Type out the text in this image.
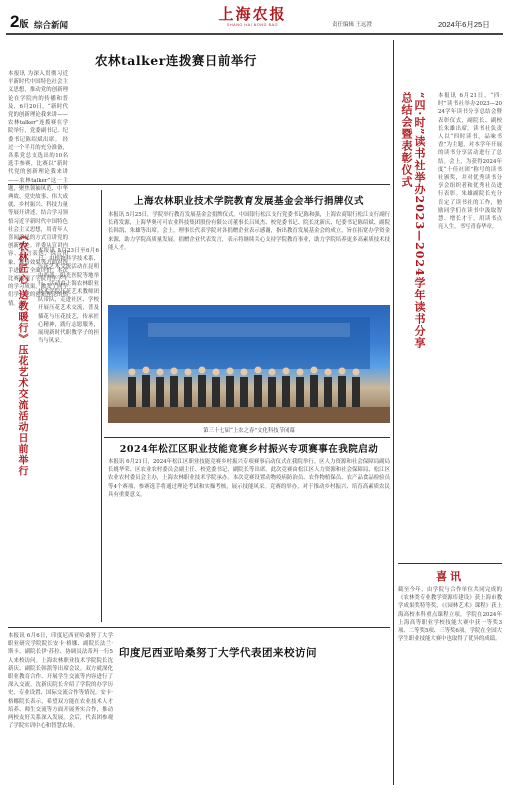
2版 综合新闻
上海农报
SHANG HAI NONG BAO	责任编辑 王远澄	2024年6月25日
农林talker连拨赛日前举行
本报讯 为深入贯彻习近平新时代中国特色社会主义思想，推动党的创新理论在学院内的传播和普及，6月20日，“新时代党的创新理论我来讲——农林talker”连拨赛在学院举行，党委副书记、纪委书记陈绍斌出席。 经过一个半月的充分准备，各系党总支选出的10名选手参赛，比赛以“新时代党的创新理论我来讲——农林talker”这一主题，聚焦领袖风范、中华典故、党史故事、伟大成就、乡村振兴、科技力量等展开讲述，结合学习领悟习近平新时代中国特色社会主义思想，用青年人喜闻乐见的方式宣讲党的创新理论。评委从宣讲内容、语言表达、综合印象、舞台效果等方面对选手进行了全面评价。本次比赛展现了学院青年学生的学习成果，激发了同学们学习党的创新理论的热情。
《农林匠心 送教暖行》压花艺术交流活动日前举行 本报讯 5月23日至6月6日，由植物科学技术系、压花艺术交流活动在昆明中西部、阳光医院等地举行。活动由上海农林职业技术学院压花艺术教师团队带队，走进社区、学校开展压花艺术交流，普及插花与压花技艺，传承匠心精神，践行志愿服务，展现新时代职教学子的担当与风采。
上海农林职业技术学院教育发展基金会举行捐牌仪式
本报讯 5月25日，学院举行教育发展基金会捐牌仪式。中国银行松江支行党委书记陈和强，上海农商银行松江支行副行长蒋发源，上海华奥可可农业科技集团股份有限公司董事长吕凤杰、校党委书记、院长沈新庆、纪委书记陈绍斌、副院长韩凯、朱雄等出席。会上，理事长代表学院对各捐赠企业表示感谢，指出教育发展基金会的成立，旨在拓宽办学资金来源，助力学院高质量发展。捐赠企业代表发言，表示将继续关心支持学院教育事业，助力学院培养更多高素质技术技能人才。
第三十七届“上农之春”文化科技节闭幕
2024年松江区职业技能竞赛乡村振兴专项赛事在我院启动
本报讯 6月21日，2024年松江区职业技能竞赛乡村振兴专项赛事启动仪式在我院举行。区人力资源和社会保障局副局长姚华荣、区农业农村委员会副主任、校党委书记、副院长等出席。此次竞赛由松江区人力资源和社会保障局、松江区农业农村委员会主办，上海农林职业技术学院承办。本次竞赛设置动物疫病防治员、农作物植保员、农产品食品检验员等4个赛项，参赛选手将通过理论考试和实操考核，展示技能风采。竞赛的举办，对于推动乡村振兴、培育高素质农民具有重要意义。
本报讯 6月6日，印度尼西亚哈桑努丁大学职业研究学院院长安卡·格娜、副院长法兰·斯卡、副院长伊·苏拉、协调员法蒂玛一行5人来校访问。上海农林职业技术学院院长沈新庆、副院长韩凯等出席会议。双方就深化职业教育合作、开展学生交流等内容进行了深入交流。沈新庆院长介绍了学院的办学历史、专业设置、国际交流合作等情况。安卡·格娜院长表示，希望双方能在农业技术人才培养、师生交流等方面开展务实合作，推动两校友好关系深入发展。会后，代表团参观了学院实训中心和智慧农场。
印度尼西亚哈桑努丁大学代表团来校访问
“四·时”读书社举办2023—2024学年读书分享总结会暨表彰仪式	本报讯 6月21日，“四·时”读书社举办2023—2024学年读书分享总结会暨表彰仪式，副院长、副校长朱雄出席。读书社负责人以“四时读书，品味书香”为主题，对本学年开展的读书分享活动进行了总结。会上，为获得2024年度“十佳社团”称号的读书社颁奖，并对优秀读书分享会组织者和优秀社员进行表彰。朱雄副院长充分肯定了读书社的工作，勉励同学们在读书中汲取智慧、增长才干，用读书点亮人生，书写青春华章。
喜讯
截至今年，由学院与合作单位共同完成的《农林类专业教学资源库建设》获上海市教学成果奖特等奖，《《园林艺术》课程》获上海高校本科重点课程立项。学院在2024年上海高等职业学校技能大赛中获一等奖3项、二等奖5项、三等奖6项。学院在全国大学生职业技能大赛中也取得了优异的成绩。
